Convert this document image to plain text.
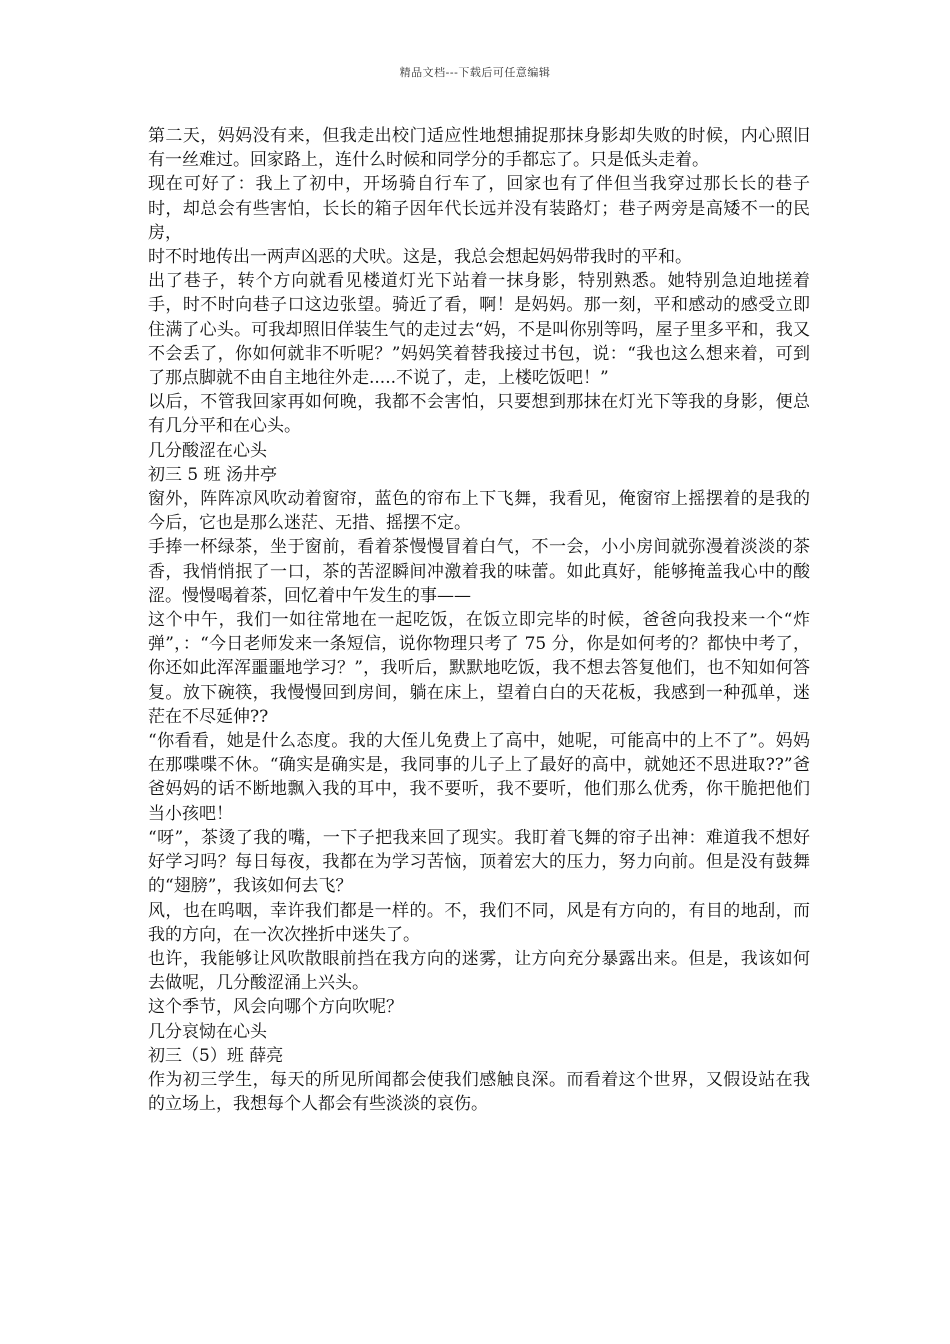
精品文档---下载后可任意编辑

第二天，妈妈没有来，但我走出校门适应性地想捕捉那抹身影却失败的时候，内心照旧有一丝难过。回家路上，连什么时候和同学分的手都忘了。只是低头走着。

现在可好了：我上了初中，开场骑自行车了，回家也有了伴但当我穿过那长长的巷子时，却总会有些害怕，长长的箱子因年代长远并没有装路灯；巷子两旁是高矮不一的民房，

时不时地传出一两声凶恶的犬吠。这是，我总会想起妈妈带我时的平和。

出了巷子，转个方向就看见楼道灯光下站着一抹身影，特别熟悉。她特别急迫地搓着手，时不时向巷子口这边张望。骑近了看，啊！是妈妈。那一刻，平和感动的感受立即住满了心头。可我却照旧佯装生气的走过去“妈，不是叫你别等吗，屋子里多平和，我又不会丢了，你如何就非不听呢？”妈妈笑着替我接过书包，说：“我也这么想来着，可到了那点脚就不由自主地往外走.....不说了，走，上楼吃饭吧！”

以后，不管我回家再如何晚，我都不会害怕，只要想到那抹在灯光下等我的身影，便总有几分平和在心头。

几分酸涩在心头

初三 5 班 汤井亭

窗外，阵阵凉风吹动着窗帘，蓝色的帘布上下飞舞，我看见，俺窗帘上摇摆着的是我的今后，它也是那么迷茫、无措、摇摆不定。

手捧一杯绿茶，坐于窗前，看着茶慢慢冒着白气，不一会，小小房间就弥漫着淡淡的茶香，我悄悄抿了一口，茶的苦涩瞬间冲激着我的味蕾。如此真好，能够掩盖我心中的酸涩。慢慢喝着茶，回忆着中午发生的事——

这个中午，我们一如往常地在一起吃饭，在饭立即完毕的时候，爸爸向我投来一个“炸弹”，：“今日老师发来一条短信，说你物理只考了 75 分，你是如何考的？都快中考了，你还如此浑浑噩噩地学习？”，我听后，默默地吃饭，我不想去答复他们，也不知如何答复。放下碗筷，我慢慢回到房间，躺在床上，望着白白的天花板，我感到一种孤单，迷茫在不尽延伸??

“你看看，她是什么态度。我的大侄儿免费上了高中，她呢，可能高中的上不了”。妈妈在那喋喋不休。“确实是确实是，我同事的儿子上了最好的高中，就她还不思进取??”爸爸妈妈的话不断地飘入我的耳中，我不要听，我不要听，他们那么优秀，你干脆把他们当小孩吧！

“呀”，茶烫了我的嘴，一下子把我来回了现实。我盯着飞舞的帘子出神：难道我不想好好学习吗？每日每夜，我都在为学习苦恼，顶着宏大的压力，努力向前。但是没有鼓舞的“翅膀”，我该如何去飞？

风，也在呜咽，幸许我们都是一样的。不，我们不同，风是有方向的，有目的地刮，而我的方向，在一次次挫折中迷失了。

也许，我能够让风吹散眼前挡在我方向的迷雾，让方向充分暴露出来。但是，我该如何去做呢，几分酸涩涌上兴头。

这个季节，风会向哪个方向吹呢？

几分哀恸在心头

初三（5）班 薛亮

作为初三学生，每天的所见所闻都会使我们感触良深。而看着这个世界，又假设站在我的立场上，我想每个人都会有些淡淡的哀伤。
